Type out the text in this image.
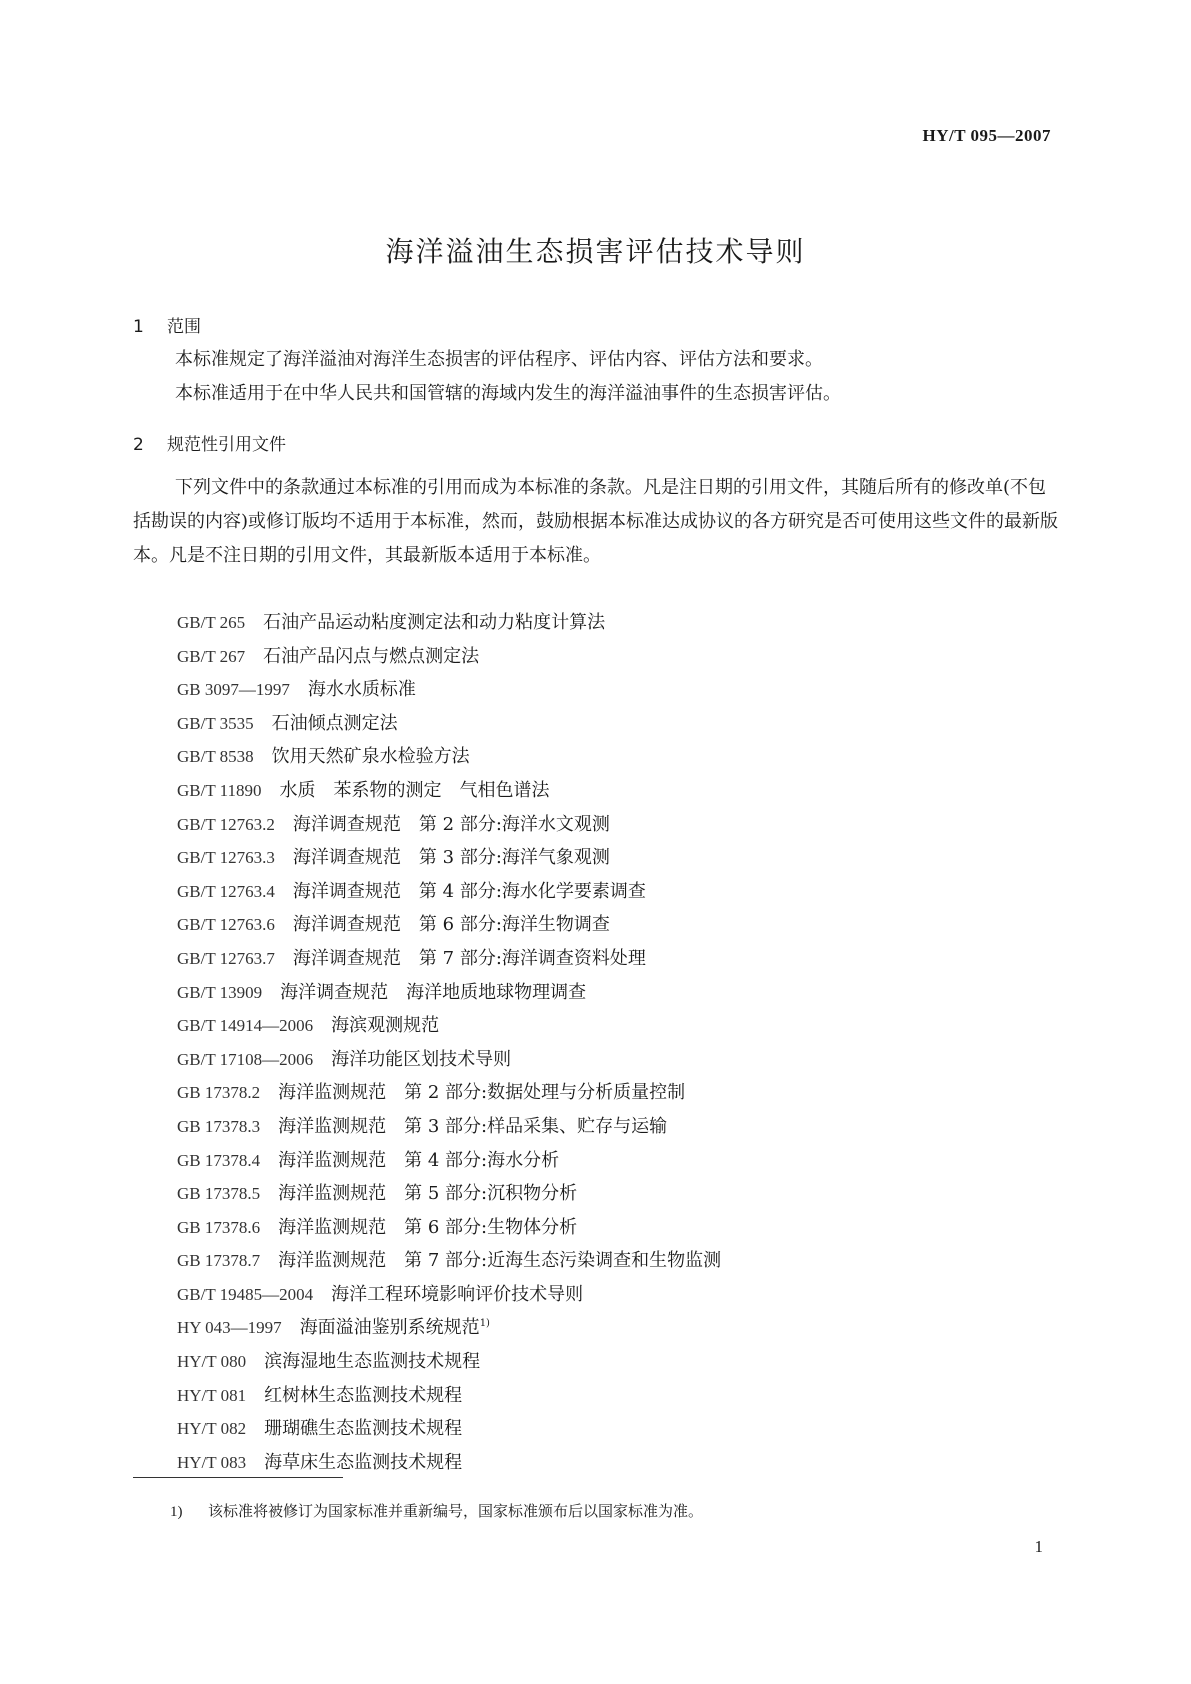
HY/T 095—2007
海洋溢油生态损害评估技术导则
1 范围

本标准规定了海洋溢油对海洋生态损害的评估程序、评估内容、评估方法和要求。

本标准适用于在中华人民共和国管辖的海域内发生的海洋溢油事件的生态损害评估。

2 规范性引用文件

下列文件中的条款通过本标准的引用而成为本标准的条款。凡是注日期的引用文件，其随后所有的修改单(不包括勘误的内容)或修订版均不适用于本标准，然而，鼓励根据本标准达成协议的各方研究是否可使用这些文件的最新版本。凡是不注日期的引用文件，其最新版本适用于本标准。

GB/T 265 石油产品运动粘度测定法和动力粘度计算法
GB/T 267 石油产品闪点与燃点测定法
GB 3097—1997 海水水质标准
GB/T 3535 石油倾点测定法
GB/T 8538 饮用天然矿泉水检验方法
GB/T 11890 水质　苯系物的测定　气相色谱法
GB/T 12763.2 海洋调查规范　第 2 部分:海洋水文观测
GB/T 12763.3 海洋调查规范　第 3 部分:海洋气象观测
GB/T 12763.4 海洋调查规范　第 4 部分:海水化学要素调查
GB/T 12763.6 海洋调查规范　第 6 部分:海洋生物调查
GB/T 12763.7 海洋调查规范　第 7 部分:海洋调查资料处理
GB/T 13909 海洋调查规范　海洋地质地球物理调查
GB/T 14914—2006 海滨观测规范
GB/T 17108—2006 海洋功能区划技术导则
GB 17378.2 海洋监测规范　第 2 部分:数据处理与分析质量控制
GB 17378.3 海洋监测规范　第 3 部分:样品采集、贮存与运输
GB 17378.4 海洋监测规范　第 4 部分:海水分析
GB 17378.5 海洋监测规范　第 5 部分:沉积物分析
GB 17378.6 海洋监测规范　第 6 部分:生物体分析
GB 17378.7 海洋监测规范　第 7 部分:近海生态污染调查和生物监测
GB/T 19485—2004 海洋工程环境影响评价技术导则
HY 043—1997 海面溢油鉴别系统规范$^{1)}$
HY/T 080 滨海湿地生态监测技术规程
HY/T 081 红树林生态监测技术规程
HY/T 082 珊瑚礁生态监测技术规程
HY/T 083 海草床生态监测技术规程
1) 该标准将被修订为国家标准并重新编号，国家标准颁布后以国家标准为准。
1
